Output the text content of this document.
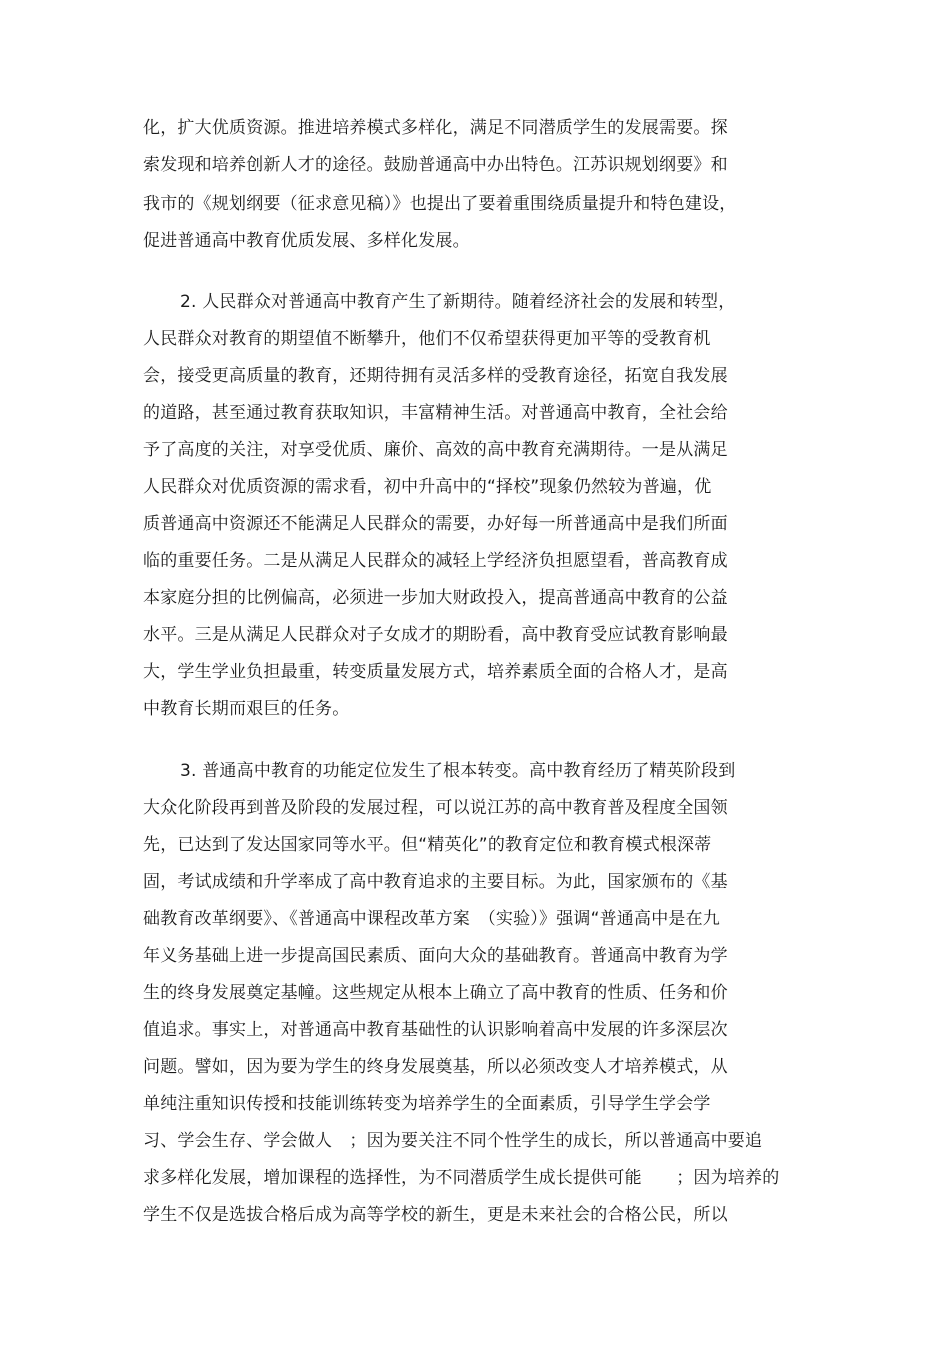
化，扩大优质资源。推进培养模式多样化，满足不同潜质学生的发展需要。探
索发现和培养创新人才的途径。鼓励普通高中办出特色。江苏识规划纲要》和
我市的《规划纲要（征求意见稿）》也提出了要着重围绕质量提升和特色建设，
促进普通高中教育优质发展、多样化发展。
2. 人民群众对普通高中教育产生了新期待。随着经济社会的发展和转型，
人民群众对教育的期望值不断攀升，他们不仅希望获得更加平等的受教育机
会，接受更高质量的教育，还期待拥有灵活多样的受教育途径，拓宽自我发展
的道路，甚至通过教育获取知识，丰富精神生活。对普通高中教育，全社会给
予了高度的关注，对享受优质、廉价、高效的高中教育充满期待。一是从满足
人民群众对优质资源的需求看，初中升高中的“择校”现象仍然较为普遍，优
质普通高中资源还不能满足人民群众的需要，办好每一所普通高中是我们所面
临的重要任务。二是从满足人民群众的减轻上学经济负担愿望看，普高教育成
本家庭分担的比例偏高，必须进一步加大财政投入，提高普通高中教育的公益
水平。三是从满足人民群众对子女成才的期盼看，高中教育受应试教育影响最
大，学生学业负担最重，转变质量发展方式，培养素质全面的合格人才，是高
中教育长期而艰巨的任务。
3. 普通高中教育的功能定位发生了根本转变。高中教育经历了精英阶段到
大众化阶段再到普及阶段的发展过程，可以说江苏的高中教育普及程度全国领
先，已达到了发达国家同等水平。但“精英化”的教育定位和教育模式根深蒂
固，考试成绩和升学率成了高中教育追求的主要目标。为此，国家颁布的《基
础教育改革纲要》、《普通高中课程改革方案　（实验）》强调“普通高中是在九
年义务基础上进一步提高国民素质、面向大众的基础教育。普通高中教育为学
生的终身发展奠定基幢。这些规定从根本上确立了高中教育的性质、任务和价
值追求。事实上，对普通高中教育基础性的认识影响着高中发展的许多深层次
问题。譬如，因为要为学生的终身发展奠基，所以必须改变人才培养模式，从
单纯注重知识传授和技能训练转变为培养学生的全面素质，引导学生学会学
习、学会生存、学会做人　；因为要关注不同个性学生的成长，所以普通高中要追
求多样化发展，增加课程的选择性，为不同潜质学生成长提供可能　　；因为培养的
学生不仅是选拔合格后成为高等学校的新生，更是未来社会的合格公民，所以
